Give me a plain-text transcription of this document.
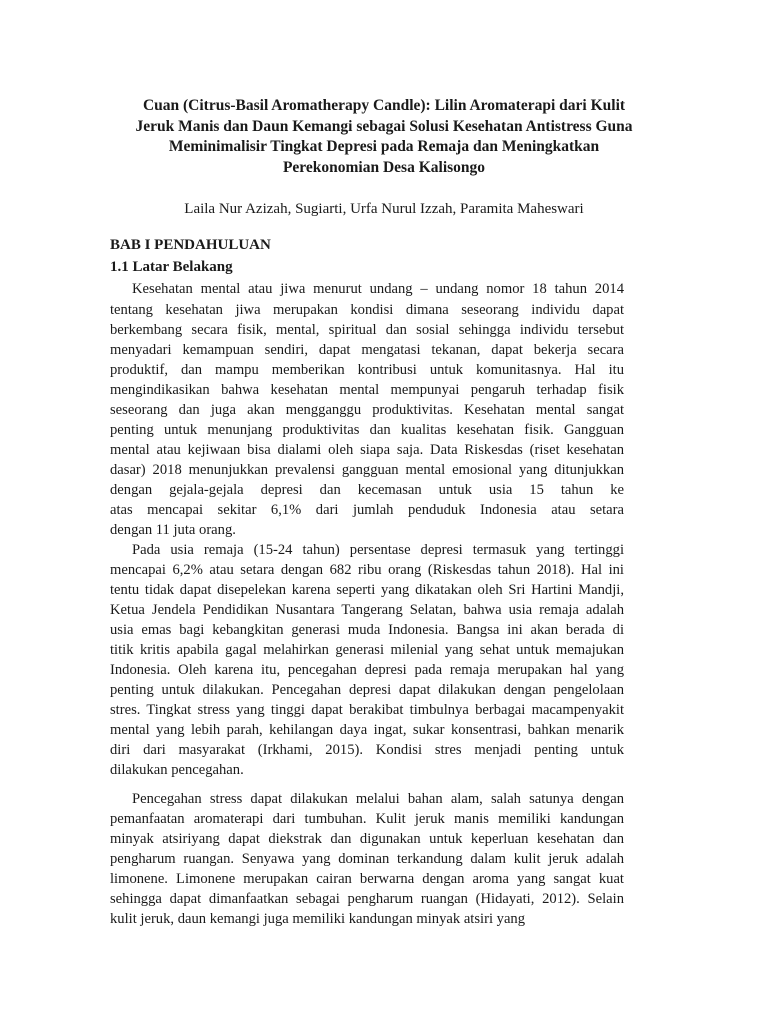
Cuan (Citrus-Basil Aromatherapy Candle): Lilin Aromaterapi dari Kulit
Jeruk Manis dan Daun Kemangi sebagai Solusi Kesehatan Antistress Guna
Meminimalisir Tingkat Depresi pada Remaja dan Meningkatkan
Perekonomian Desa Kalisongo
Laila Nur Azizah, Sugiarti, Urfa Nurul Izzah, Paramita Maheswari
BAB I PENDAHULUAN
1.1 Latar Belakang
Kesehatan mental atau jiwa menurut undang – undang nomor 18 tahun 2014
tentang kesehatan jiwa merupakan kondisi dimana seseorang individu dapat
berkembang secara fisik, mental, spiritual dan sosial sehingga individu tersebut
menyadari kemampuan sendiri, dapat mengatasi tekanan, dapat bekerja secara
produktif, dan mampu memberikan kontribusi untuk komunitasnya. Hal itu
mengindikasikan bahwa kesehatan mental mempunyai pengaruh terhadap fisik
seseorang dan juga akan mengganggu produktivitas. Kesehatan mental sangat
penting untuk menunjang produktivitas dan kualitas kesehatan fisik. Gangguan
mental atau kejiwaan bisa dialami oleh siapa saja. Data Riskesdas (riset kesehatan
dasar) 2018 menunjukkan prevalensi gangguan mental emosional yang ditunjukkan
dengan gejala-gejala depresi dan kecemasan untuk usia 15 tahun ke
atas mencapai sekitar 6,1% dari jumlah penduduk Indonesia atau setara
dengan 11 juta orang.
Pada usia remaja (15-24 tahun) persentase depresi termasuk yang tertinggi
mencapai 6,2% atau setara dengan 682 ribu orang (Riskesdas tahun 2018). Hal ini
tentu tidak dapat disepelekan karena seperti yang dikatakan oleh Sri Hartini Mandji,
Ketua Jendela Pendidikan Nusantara Tangerang Selatan, bahwa usia remaja adalah
usia emas bagi kebangkitan generasi muda Indonesia. Bangsa ini akan berada di
titik kritis apabila gagal melahirkan generasi milenial yang sehat untuk memajukan
Indonesia. Oleh karena itu, pencegahan depresi pada remaja merupakan hal yang
penting untuk dilakukan. Pencegahan depresi dapat dilakukan dengan pengelolaan
stres. Tingkat stress yang tinggi dapat berakibat timbulnya berbagai macampenyakit
mental yang lebih parah, kehilangan daya ingat, sukar konsentrasi, bahkan menarik
diri dari masyarakat (Irkhami, 2015). Kondisi stres menjadi penting untuk
dilakukan pencegahan.
Pencegahan stress dapat dilakukan melalui bahan alam, salah satunya dengan
pemanfaatan aromaterapi dari tumbuhan. Kulit jeruk manis memiliki kandungan
minyak atsiriyang dapat diekstrak dan digunakan untuk keperluan kesehatan dan
pengharum ruangan. Senyawa yang dominan terkandung dalam kulit jeruk adalah
limonene. Limonene merupakan cairan berwarna dengan aroma yang sangat kuat
sehingga dapat dimanfaatkan sebagai pengharum ruangan (Hidayati, 2012). Selain
kulit jeruk, daun kemangi juga memiliki kandungan minyak atsiri yang
